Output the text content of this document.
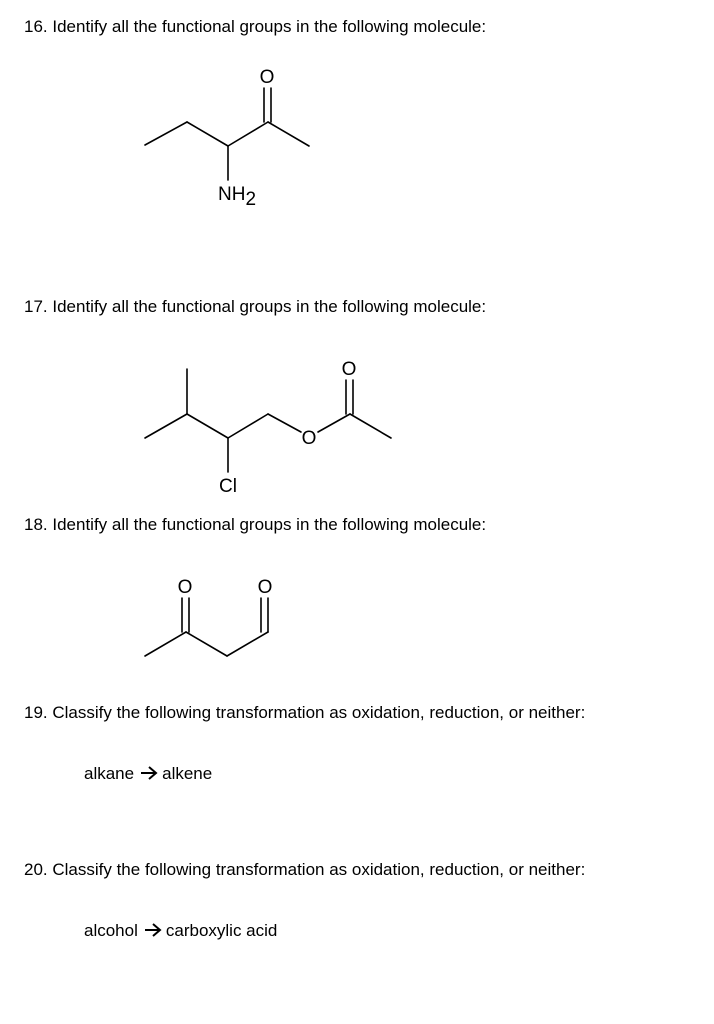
16. Identify all the functional groups in the following molecule:

O
NH2

17. Identify all the functional groups in the following molecule:

O
O
Cl

18. Identify all the functional groups in the following molecule:

O	O

19. Classify the following transformation as oxidation, reduction, or neither:

alkane alkene

20. Classify the following transformation as oxidation, reduction, or neither:

alcohol carboxylic acid
